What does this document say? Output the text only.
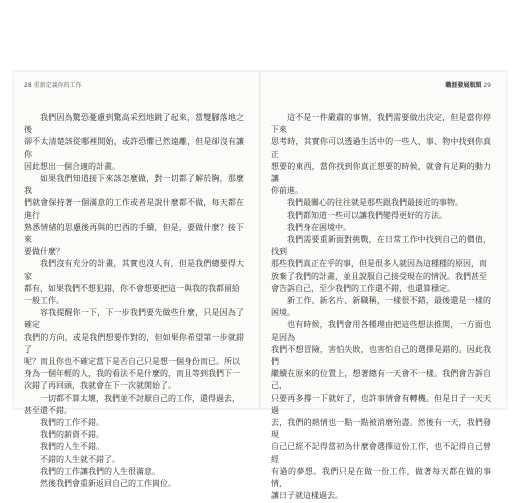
28 重新定義你的工作

我們因為驚恐憂慮到驚高采烈地跳了起來，當雙腳落地之後
卻不太清楚該從哪裡開始，或許恐懼已然遠離，但是卻沒有讓你
因此想出一個合適的計畫。

如果我們知道接下來該怎麼做，對一切都了解於胸，那麼我
們就會保持著一個滿意的工作或者是說什麼都不做，每天都在進行
熟悉情緒的思慮後再與的巴西的手續，但是，要做什麼？接下來
要做什麼？

我們沒有充分的計畫，其實也沒人有，但是我們總要得大家
都有，如果我們不想犯錯，你不會想要把這一與我的我都留給
一般工作。

容我提醒你一下，下一步我們要先做些什麼，只是因為了確定
我們的方向，或是我們想要作對的，但如果你希望第一步就錯了
呢？而且你也不確定當下是否自己只是想一個身份而已。所以
身為一個年輕的人，我的看法不是什麼的，而且等到我們下一
次錯了再回頭，我就會在下一次就開始了。

一切都不算太壞，我們並不討厭自己的工作，還得過去，
甚至還不錯。

我們的工作不錯。

我們的薪資不錯。

我們的人生不錯。

不錯的人生就不錯了。

我們的工作讓我們的人生很滿意。

然後我們會重新返回自己的工作崗位。

職涯發展瓶頸 29

這不是一件嚴肅的事情，我們需要做出決定，但是當你停下來
思考時，其實你可以透過生活中的一些人、事、物中找到你真正
想要的東西，當你找到你真正想要的時候，就會有足夠的動力讓
你前進。

我們最關心的往往就是那些跟我們最接近的事物。

我們都知道一些可以讓我們變得更好的方法。

我們身在困境中。

我們需要重新面對挑戰，在日常工作中找到自己的價值，找到
那些我們真正在乎的事，但是很多人就因為這種種的原因，而
放棄了我們的計畫，並且說服自己接受現在的情況。我們甚至
會告訴自己，至少我們的工作還不錯，也還算穩定。

新工作、新名片、新職稱，一樣很不錯，最後還是一樣的困境。

也有時候，我們會用各種理由把這些想法推開，一方面也是因為
我們不想冒險，害怕失敗，也害怕自己的選擇是錯的。因此我們
繼續在原來的位置上，想著總有一天會不一樣。我們會告訴自己，
只要再多撐一下就好了，也許事情會有轉機。但是日子一天天過
去，我們的熱情也一點一點被消磨殆盡。然後有一天，我們發現
自己已經不記得當初為什麼會選擇這份工作，也不記得自己曾經
有過的夢想。我們只是在做一份工作，做著每天都在做的事情，
讓日子就這樣過去。
